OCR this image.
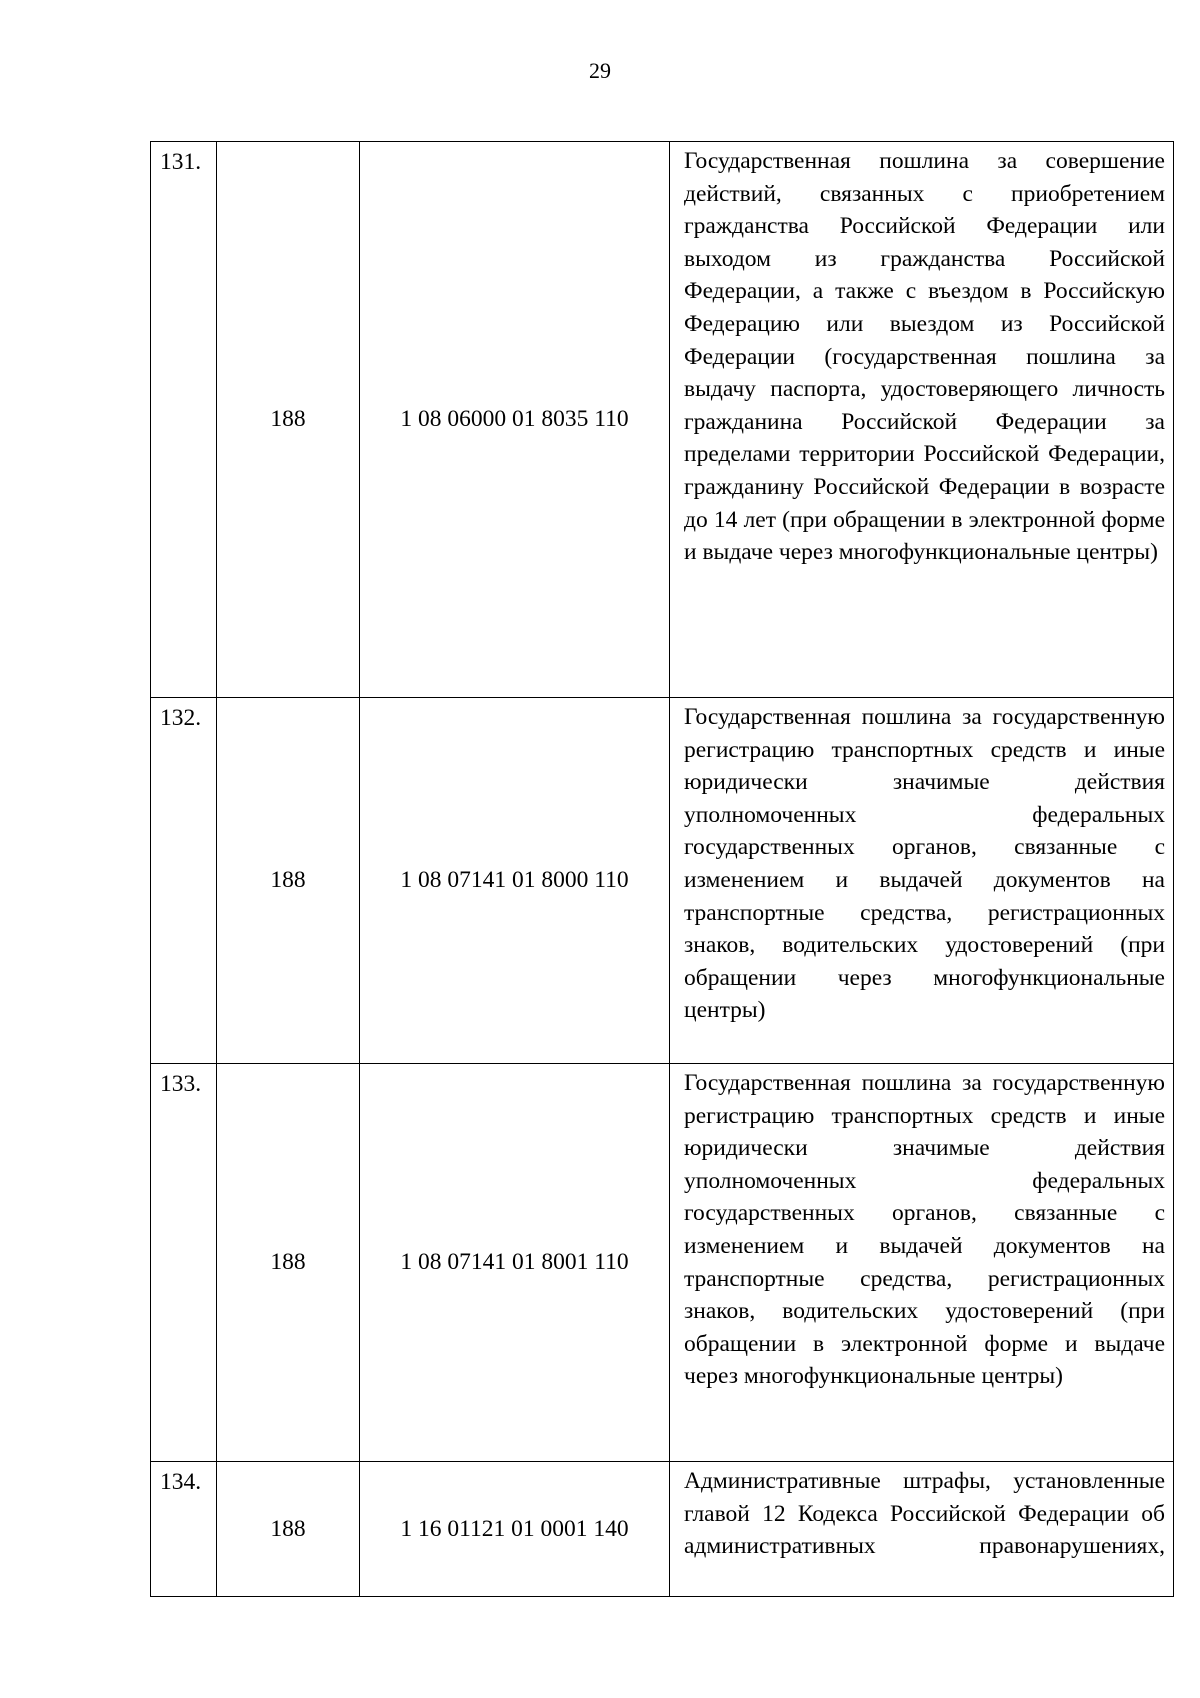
29
131.	188	1 08 06000 01 8035 110	Государственная пошлина за совершение действий, связанных с приобретением гражданства Российской Федерации или выходом из гражданства Российской Федерации, а также с въездом в Российскую Федерацию или выездом из Российской Федерации (государственная пошлина за выдачу паспорта, удостоверяющего личность гражданина Российской Федерации за пределами территории Российской Федерации, гражданину Российской Федерации в возрасте до 14 лет (при обращении в электронной форме и выдаче через многофункциональные центры)
132.	188	1 08 07141 01 8000 110	Государственная пошлина за государственную регистрацию транспортных средств и иные юридически значимые действия уполномоченных федеральных государственных органов, связанные с изменением и выдачей документов на транспортные средства, регистрационных знаков, водительских удостоверений (при обращении через многофункциональные центры)
133.	188	1 08 07141 01 8001 110	Государственная пошлина за государственную регистрацию транспортных средств и иные юридически значимые действия уполномоченных федеральных государственных органов, связанные с изменением и выдачей документов на транспортные средства, регистрационных знаков, водительских удостоверений (при обращении в электронной форме и выдаче через многофункциональные центры)
134.	188	1 16 01121 01 0001 140	Административные штрафы, установленные главой 12 Кодекса Российской Федерации об административных правонарушениях,
